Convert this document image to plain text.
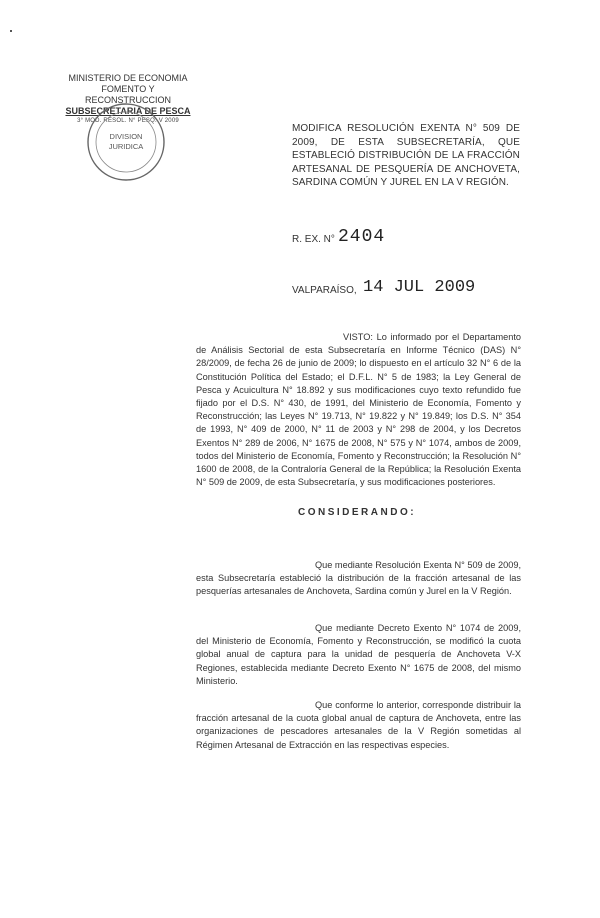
MINISTERIO DE ECONOMIA
FOMENTO Y RECONSTRUCCION
SUBSECRETARIA DE PESCA
3° MOD. RESOL. N° PESQ. V 2009
DIVISION
JURIDICA
MODIFICA RESOLUCIÓN EXENTA N° 509 DE 2009, DE ESTA SUBSECRETARÍA, QUE ESTABLECIÓ DISTRIBUCIÓN DE LA FRACCIÓN ARTESANAL DE PESQUERÍA DE ANCHOVETA, SARDINA COMÚN Y JUREL EN LA V REGIÓN.
R. EX. N° 2404
VALPARAÍSO, 14 JUL 2009
VISTO: Lo informado por el Departamento de Análisis Sectorial de esta Subsecretaría en Informe Técnico (DAS) N° 28/2009, de fecha 26 de junio de 2009; lo dispuesto en el artículo 32 N° 6 de la Constitución Política del Estado; el D.F.L. N° 5 de 1983; la Ley General de Pesca y Acuicultura N° 18.892 y sus modificaciones cuyo texto refundido fue fijado por el D.S. N° 430, de 1991, del Ministerio de Economía, Fomento y Reconstrucción; las Leyes N° 19.713, N° 19.822 y N° 19.849; los D.S. N° 354 de 1993, N° 409 de 2000, N° 11 de 2003 y N° 298 de 2004, y los Decretos Exentos N° 289 de 2006, N° 1675 de 2008, N° 575 y N° 1074, ambos de 2009, todos del Ministerio de Economía, Fomento y Reconstrucción; la Resolución N° 1600 de 2008, de la Contraloría General de la República; la Resolución Exenta N° 509 de 2009, de esta Subsecretaría, y sus modificaciones posteriores.
CONSIDERANDO:
Que mediante Resolución Exenta N° 509 de 2009, esta Subsecretaría estableció la distribución de la fracción artesanal de las pesquerías artesanales de Anchoveta, Sardina común y Jurel en la V Región.
Que mediante Decreto Exento N° 1074 de 2009, del Ministerio de Economía, Fomento y Reconstrucción, se modificó la cuota global anual de captura para la unidad de pesquería de Anchoveta V-X Regiones, establecida mediante Decreto Exento N° 1675 de 2008, del mismo Ministerio.
Que conforme lo anterior, corresponde distribuir la fracción artesanal de la cuota global anual de captura de Anchoveta, entre las organizaciones de pescadores artesanales de la V Región sometidas al Régimen Artesanal de Extracción en las respectivas especies.
